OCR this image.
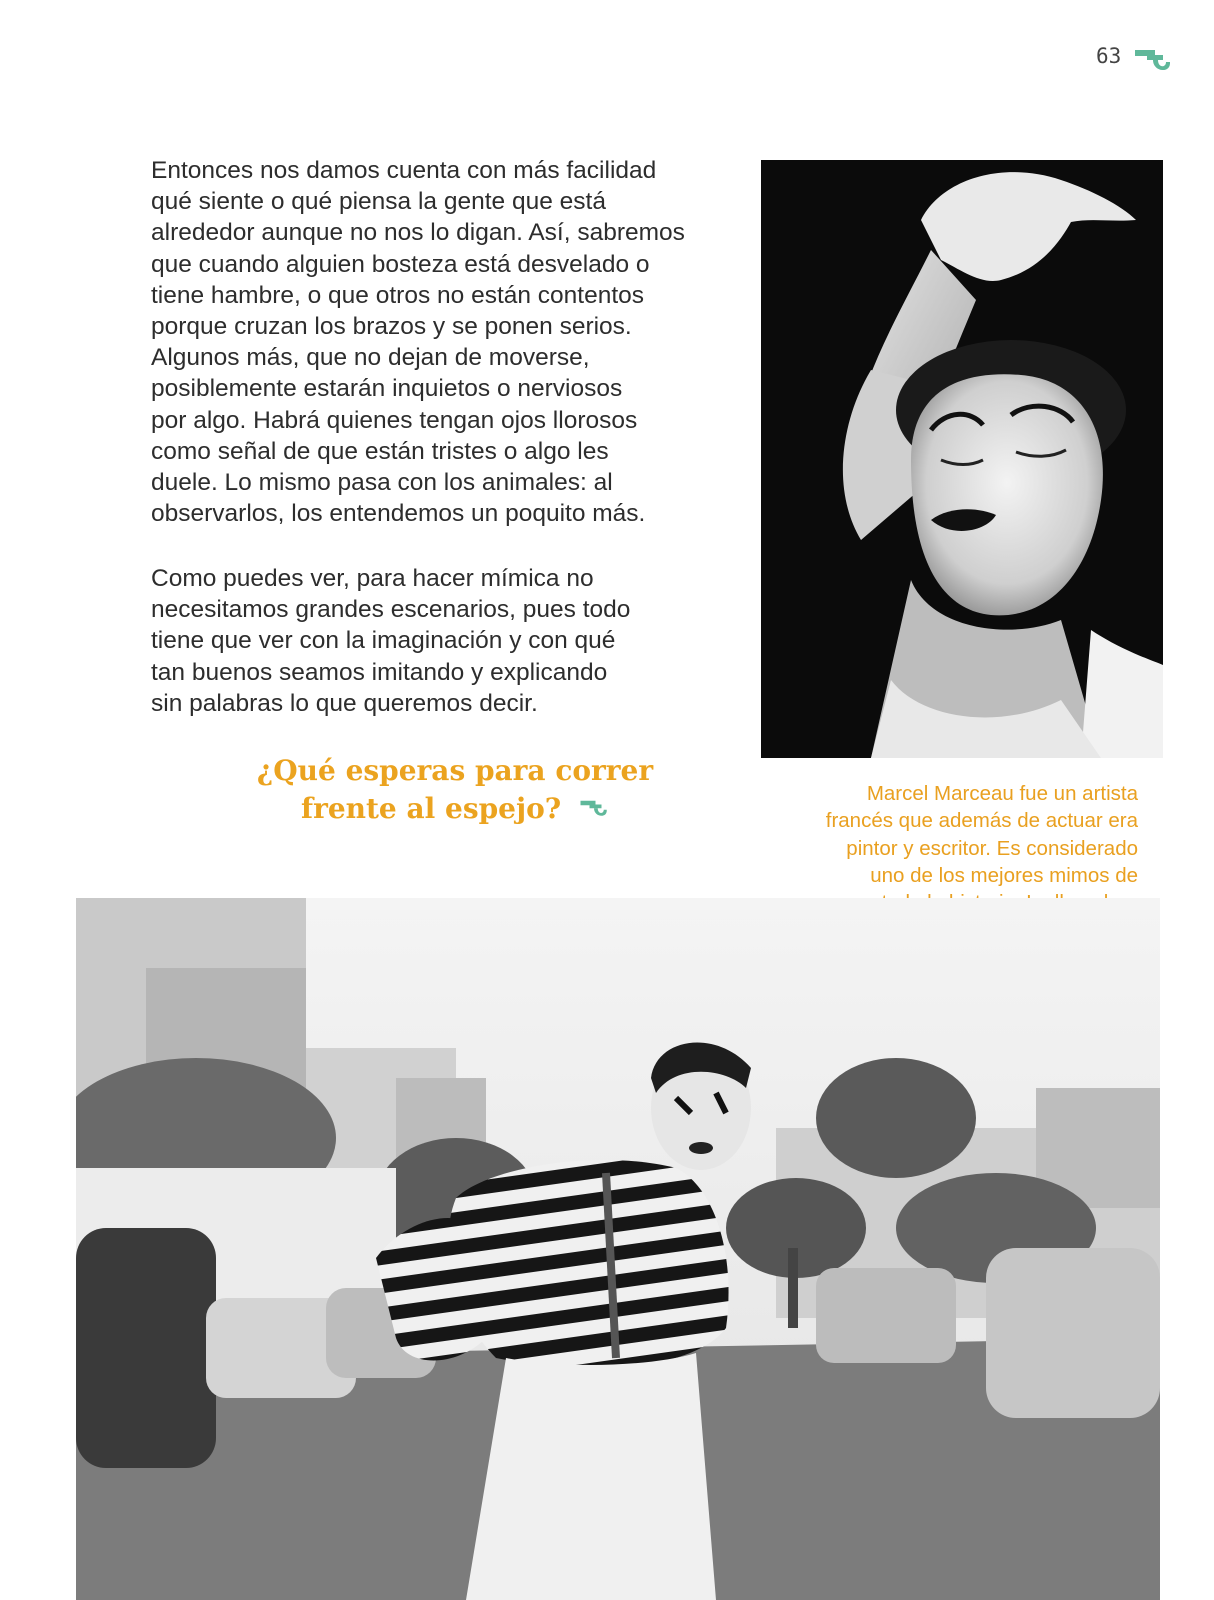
63
Entonces nos damos cuenta con más facilidad
qué siente o qué piensa la gente que está
alrededor aunque no nos lo digan. Así, sabremos
que cuando alguien bosteza está desvelado o
tiene hambre, o que otros no están contentos
porque cruzan los brazos y se ponen serios.
Algunos más, que no dejan de moverse,
posiblemente estarán inquietos o nerviosos
por algo. Habrá quienes tengan ojos llorosos
como señal de que están tristes o algo les
duele. Lo mismo pasa con los animales: al
observarlos, los entendemos un poquito más.
Como puedes ver, para hacer mímica no
necesitamos grandes escenarios, pues todo
tiene que ver con la imaginación y con qué
tan buenos seamos imitando y explicando
sin palabras lo que queremos decir.
¿Qué esperas para correr
frente al espejo?	Marcel Marceau fue un artista
francés que además de actuar era
pintor y escritor. Es considerado
uno de los mejores mimos de
